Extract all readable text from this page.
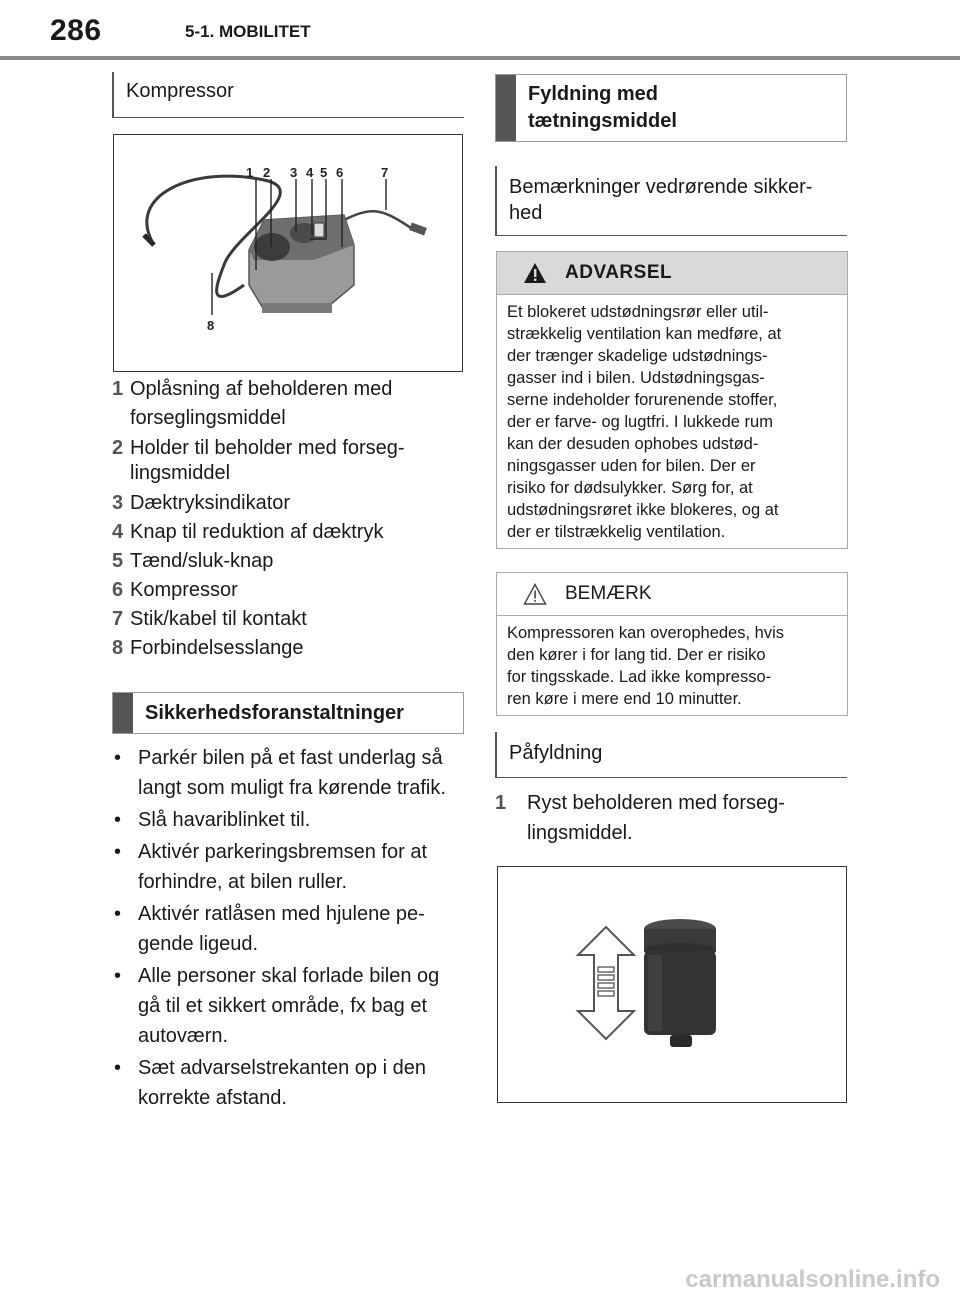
286	5-1. MOBILITET
Kompressor
1 2 3 4 5 6	7
8
1 Oplåsning af beholderen med forseglingsmiddel
2 Holder til beholder med forseg-lingsmiddel
3 Dæktryksindikator
4 Knap til reduktion af dæktryk
5 Tænd/sluk-knap
6 Kompressor
7 Stik/kabel til kontakt
8 Forbindelsesslange
Sikkerhedsforanstaltninger
• Parkér bilen på et fast underlag så langt som muligt fra kørende trafik.
• Slå havariblinket til.
• Aktivér parkeringsbremsen for at forhindre, at bilen ruller.
• Aktivér ratlåsen med hjulene pe-gende ligeud.
• Alle personer skal forlade bilen og gå til et sikkert område, fx bag et autoværn.
• Sæt advarselstrekanten op i den korrekte afstand.
Fyldning med
tætningsmiddel
Bemærkninger vedrørende sikker-
hed
ADVARSEL
Et blokeret udstødningsrør eller util-
strækkelig ventilation kan medføre, at
der trænger skadelige udstødnings-
gasser ind i bilen. Udstødningsgas-
serne indeholder forurenende stoffer,
der er farve- og lugtfri. I lukkede rum
kan der desuden ophobes udstød-
ningsgasser uden for bilen. Der er
risiko for dødsulykker. Sørg for, at
udstødningsrøret ikke blokeres, og at
der er tilstrækkelig ventilation.
BEMÆRK
Kompressoren kan overophedes, hvis
den kører i for lang tid. Der er risiko
for tingsskade. Lad ikke kompresso-
ren køre i mere end 10 minutter.
Påfyldning
1	Ryst beholderen med forseg-
lingsmiddel.
carmanualsonline.info
